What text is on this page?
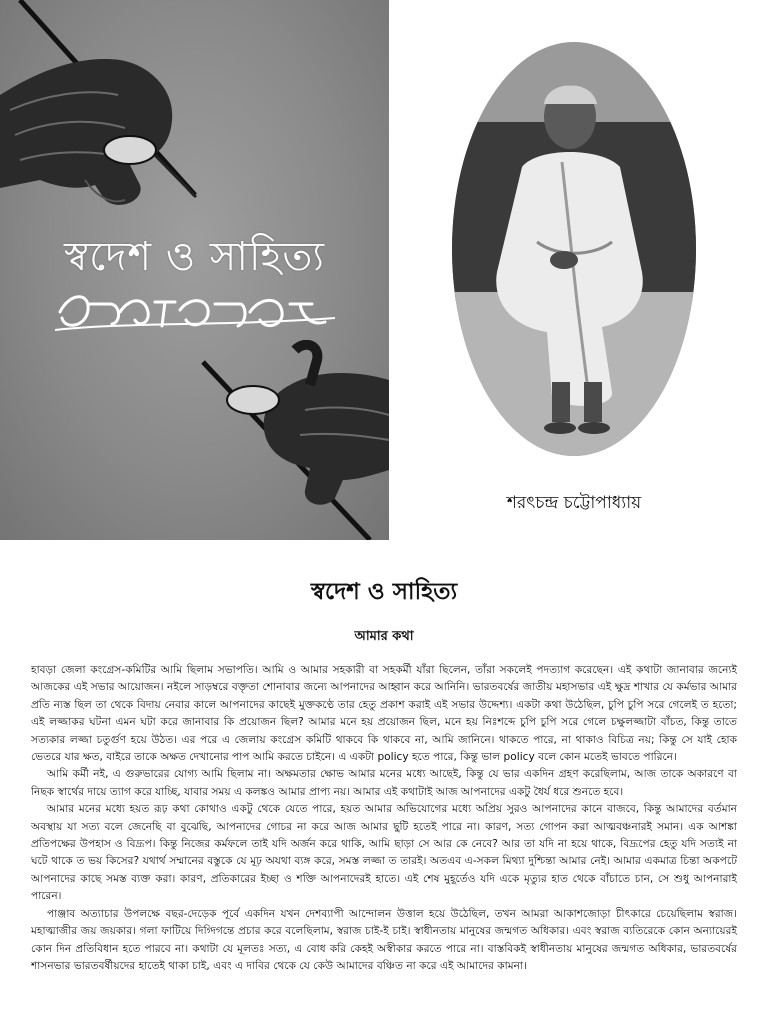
স্বদেশ ও সাহিত্য
শরৎচন্দ্র চট্টোপাধ্যায়
স্বদেশ ও সাহিত্য
আমার কথা

হাবড়া জেলা কংগ্রেস-কমিটির আমি ছিলাম সভাপতি। আমি ও আমার সহকারী বা সহকর্মী যাঁরা ছিলেন, তাঁরা সকলেই পদত্যাগ করেছেন। এই কথাটা জানাবার জন্যেই আজকের এই সভার আয়োজন। নইলে সাড়ম্বরে বক্তৃতা শোনাবার জন্যে আপনাদের আহ্বান করে আনিনি। ভারতবর্ষের জাতীয় মহাসভার এই ক্ষুদ্র শাখার যে কর্মভার আমার প্রতি ন্যস্ত ছিল তা থেকে বিদায় নেবার কালে আপনাদের কাছেই মুক্তকণ্ঠে তার হেতু প্রকাশ করাই এই সভার উদ্দেশ্য। একটা কথা উঠেছিল, চুপি চুপি সরে গেলেই ত হতো; এই লজ্জাকর ঘটনা এমন ঘটা করে জানাবার কি প্রয়োজন ছিল? আমার মনে হয় প্রয়োজন ছিল, মনে হয় নিঃশব্দে চুপি চুপি সরে গেলে চক্ষুলজ্জাটা বাঁচত, কিন্তু তাতে সত্যকার লজ্জা চতুর্গুণ হয়ে উঠত। এর পরে এ জেলায় কংগ্রেস কমিটি থাকবে কি থাকবে না, আমি জানিনে। থাকতে পারে, না থাকাও বিচিত্র নয়; কিন্তু সে যাই হোক ভেতরে যার ক্ষত, বাইরে তাকে অক্ষত দেখানোর পাপ আমি করতে চাইনে। এ একটা policy হতে পারে, কিন্তু ভাল policy বলে কোন মতেই ভাবতে পারিনে।

আমি কর্মী নই, এ গুরুভারের যোগ্য আমি ছিলাম না। অক্ষমতার ক্ষোভ আমার মনের মধ্যে আছেই, কিন্তু যে ভার একদিন গ্রহণ করেছিলাম, আজ তাকে অকারণে বা নিছক স্বার্থের দায়ে ত্যাগ করে যাচ্ছি, যাবার সময় এ কলঙ্কও আমার প্রাপ্য নয়। আমার এই কথাটাই আজ আপনাদের একটু ধৈর্য ধরে শুনতে হবে।

আমার মনের মধ্যে হয়ত রূঢ় কথা কোথাও একটু থেকে যেতে পারে, হয়ত আমার অভিযোগের মধ্যে অপ্রিয় সুরও আপনাদের কানে বাজবে, কিন্তু আমাদের বর্তমান অবস্থায় যা সত্য বলে জেনেছি বা বুঝেছি, আপনাদের গোচর না করে আজ আমার ছুটি হতেই পারে না। কারণ, সত্য গোপন করা আত্মবঞ্চনারই সমান। এক আশঙ্কা প্রতিপক্ষের উপহাস ও বিদ্রূপ। কিন্তু নিজের কর্মফলে তাই যদি অর্জন করে থাকি, আমি ছাড়া সে আর কে নেবে? আর তা যদি না হয়ে থাকে, বিদ্রূপের হেতু যদি সত্যই না ঘটে থাকে ত ভয় কিসের? যথার্থ সম্মানের বস্তুকে যে মূঢ় অযথা ব্যঙ্গ করে, সমস্ত লজ্জা ত তারই। অতএব এ-সকল মিথ্যা দুশ্চিন্তা আমার নেই। আমার একমাত্র চিন্তা অকপটে আপনাদের কাছে সমস্ত ব্যক্ত করা। কারণ, প্রতিকারের ইচ্ছা ও শক্তি আপনাদেরই হাতে। এই শেষ মুহূর্তেও যদি একে মৃত্যুর হাত থেকে বাঁচাতে চান, সে শুধু আপনারাই পারেন।

পাঞ্জাব অত্যাচার উপলক্ষে বছর-দেড়েক পূর্বে একদিন যখন দেশব্যাপী আন্দোলন উত্তাল হয়ে উঠেছিল, তখন আমরা আকাশজোড়া চীৎকারে চেয়েছিলাম স্বরাজ। মহাত্মাজীর জয় জয়কার। গলা ফাটিয়ে দিগ্দিগন্তে প্রচার করে বলেছিলাম, স্বরাজ চাই-ই চাই। স্বাধীনতায় মানুষের জন্মগত অধিকার। এবং স্বরাজ ব্যতিরেকে কোন অন্যায়েরই কোন দিন প্রতিবিধান হতে পারবে না। কথাটা যে মূলতঃ সত্য, এ বোধ করি কেহই অস্বীকার করতে পারে না। বাস্তবিকই স্বাধীনতায় মানুষের জন্মগত অধিকার, ভারতবর্ষের শাসনভার ভারতবর্ষীয়দের হাতেই থাকা চাই, এবং এ দাবির থেকে যে কেউ আমাদের বঞ্চিত না করে এই আমাদের কামনা।
